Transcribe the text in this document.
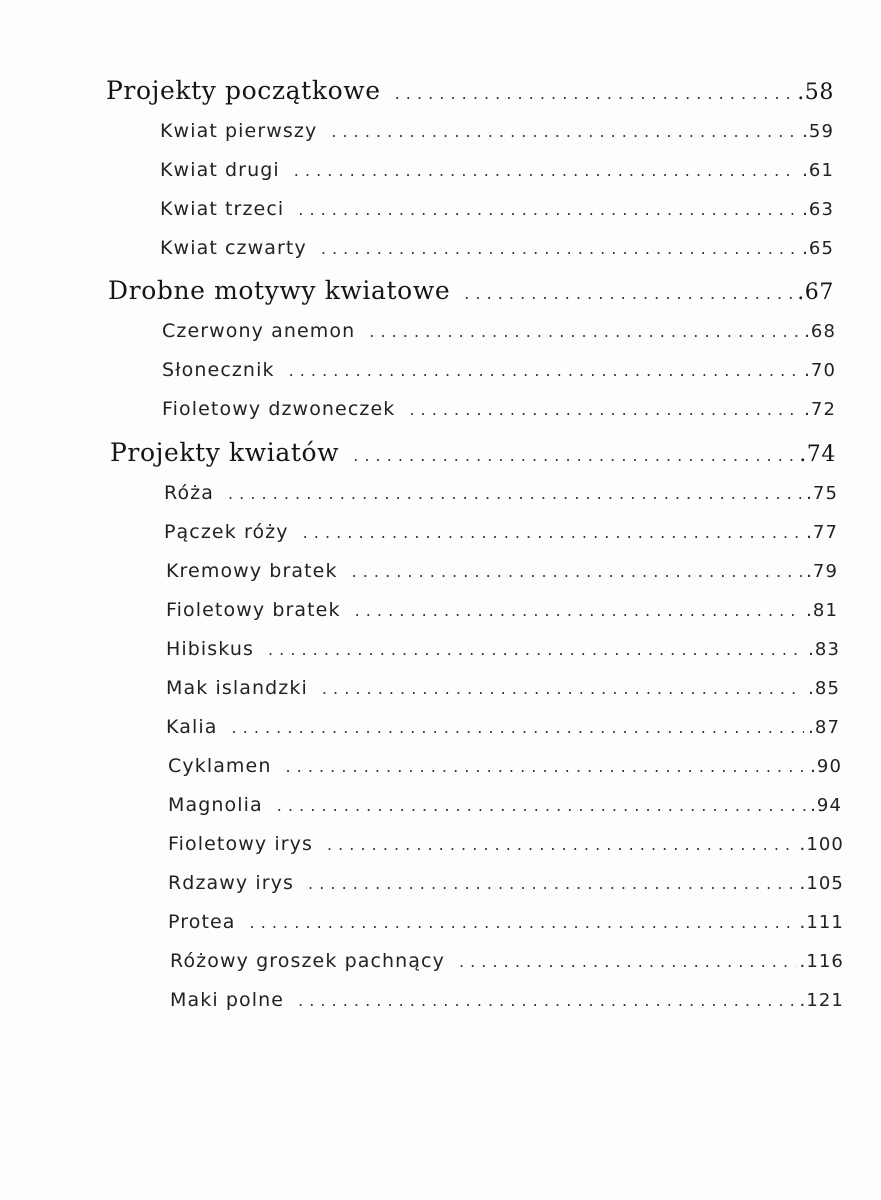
Projekty początkowe . . .	. 58
Kwiat pierwszy . . .	. 59
Kwiat drugi . . .	. 61
Kwiat trzeci . . .	. 63
Kwiat czwarty . . .	. 65
Drobne motywy kwiatowe . . .	. 67
Czerwony anemon . . .	. 68
Słonecznik . . .	. 70
Fioletowy dzwoneczek . . .	. 72
Projekty kwiatów . . .	. 74
Róża . . .	. 75
Pączek róży . . .	. 77
Kremowy bratek . . .	. 79
Fioletowy bratek . . .	. 81
Hibiskus . . .	. 83
Mak islandzki . . .	. 85
Kalia . . .	. 87
Cyklamen . . .	. 90
Magnolia . . .	. 94
Fioletowy irys . . .	. 100
Rdzawy irys . . .	. 105
Protea . . .	. 111
Różowy groszek pachnący . . .	. 116
Maki polne . . .	. 121
